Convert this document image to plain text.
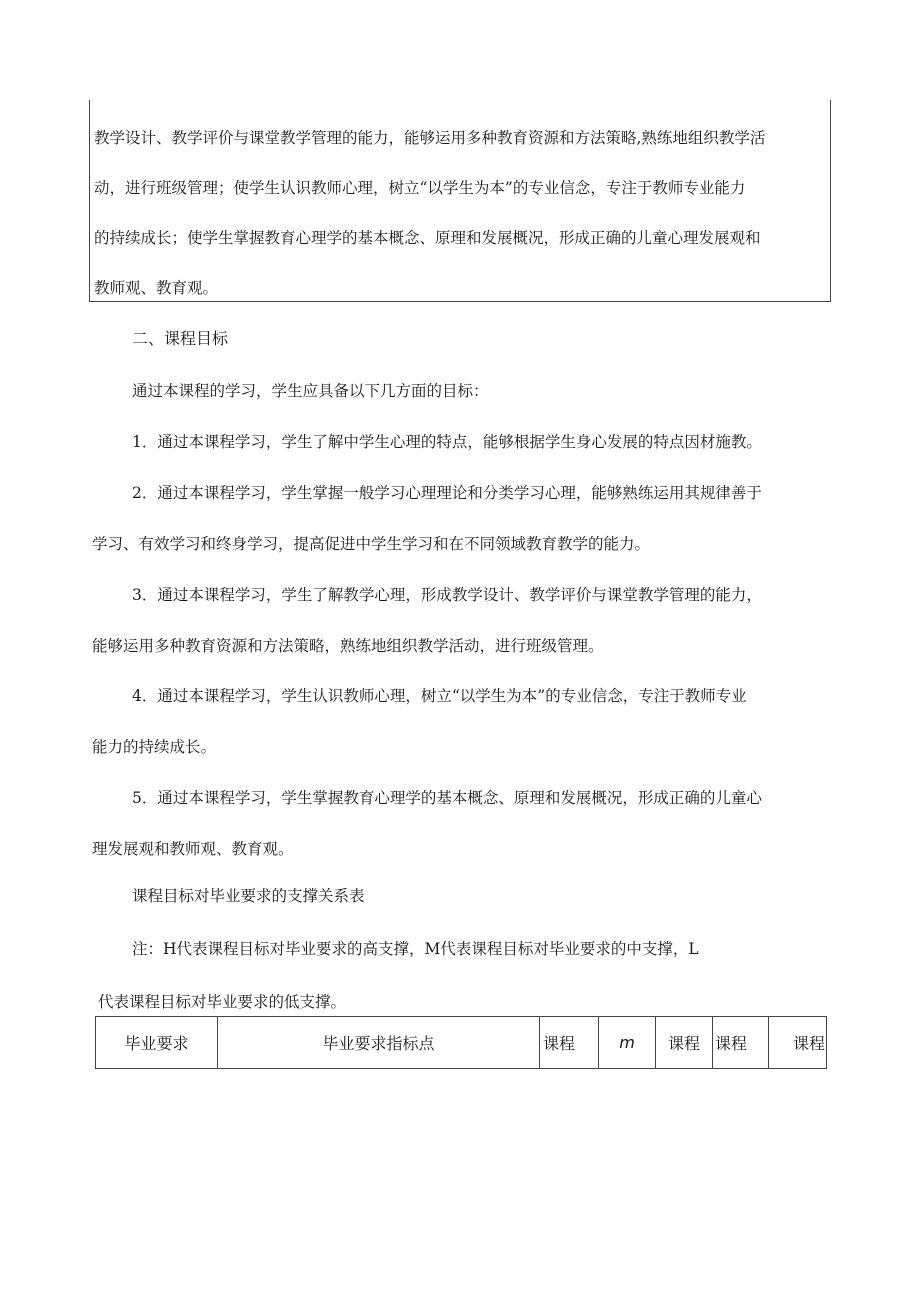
教学设计、教学评价与课堂教学管理的能力，能够运用多种教育资源和方法策略,熟练地组织教学活

动，进行班级管理；使学生认识教师心理，树立“以学生为本”的专业信念，专注于教师专业能力

的持续成长；使学生掌握教育心理学的基本概念、原理和发展概况，形成正确的儿童心理发展观和

教师观、教育观。

二、课程目标
通过本课程的学习，学生应具备以下几方面的目标：
1．通过本课程学习，学生了解中学生心理的特点，能够根据学生身心发展的特点因材施教。
2．通过本课程学习，学生掌握一般学习心理理论和分类学习心理，能够熟练运用其规律善于
学习、有效学习和终身学习，提高促进中学生学习和在不同领域教育教学的能力。
3．通过本课程学习，学生了解教学心理，形成教学设计、教学评价与课堂教学管理的能力，
能够运用多种教育资源和方法策略，熟练地组织教学活动，进行班级管理。
4．通过本课程学习，学生认识教师心理，树立“以学生为本”的专业信念，专注于教师专业
能力的持续成长。
5．通过本课程学习，学生掌握教育心理学的基本概念、原理和发展概况，形成正确的儿童心
理发展观和教师观、教育观。
课程目标对毕业要求的支撑关系表
注：H代表课程目标对毕业要求的高支撑，M代表课程目标对毕业要求的中支撑，L
代表课程目标对毕业要求的低支撑。
毕业要求	毕业要求指标点	课程	m	课程	课程	课程
